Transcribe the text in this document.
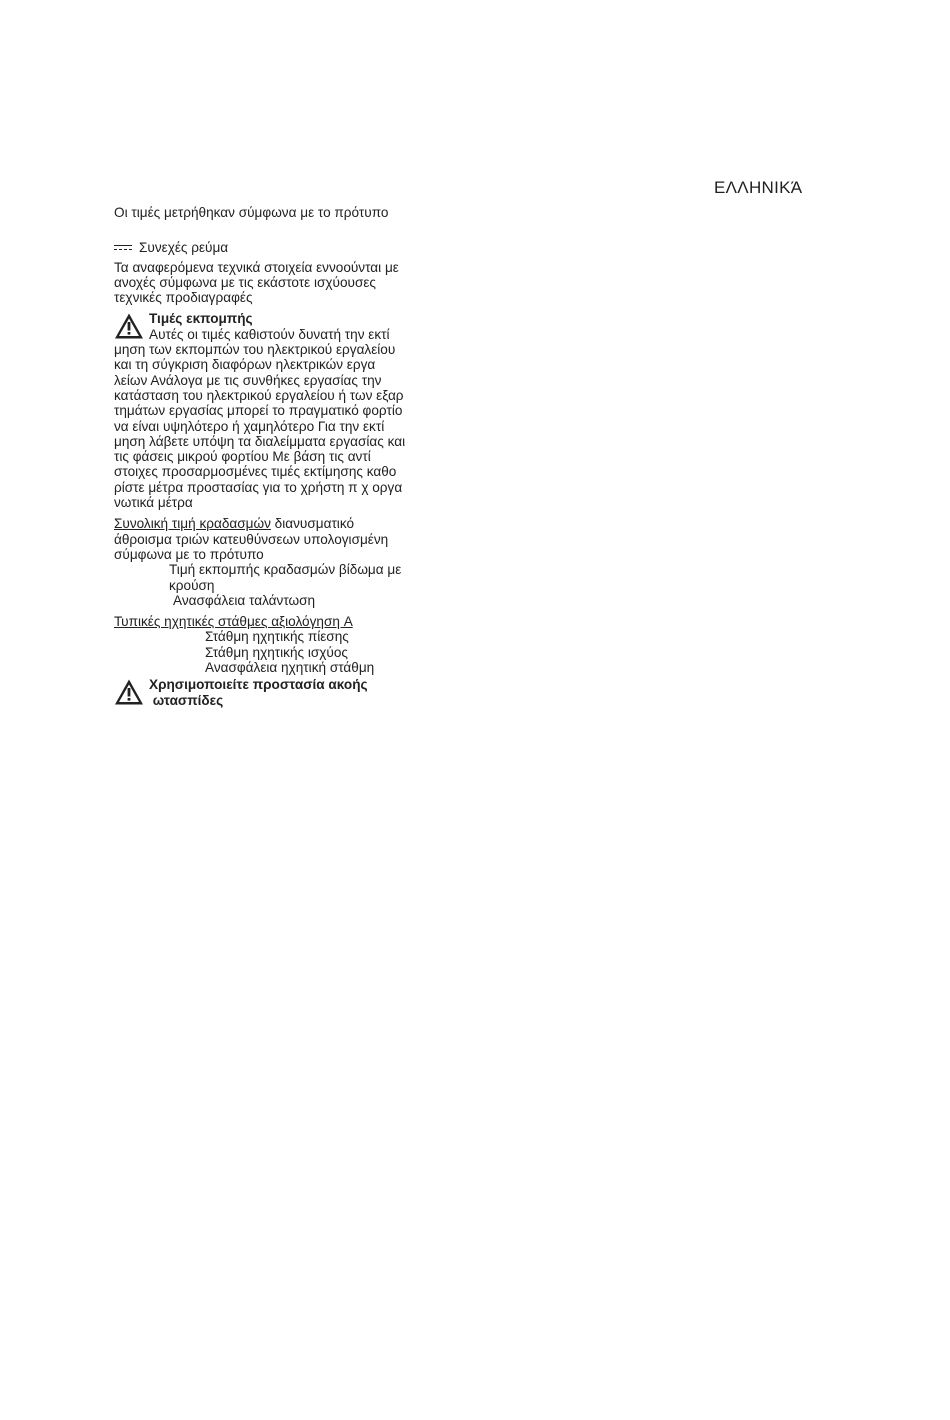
ΕΛΛΗΝΙΚΆ

Οι τιμές μετρήθηκαν σύμφωνα με το πρότυπο

Συνεχές ρεύμα
Τα αναφερόμενα τεχνικά στοιχεία εννοούνται με
ανοχές σύμφωνα με τις εκάστοτε ισχύουσες
τεχνικές προδιαγραφές
Τιμές εκπομπής
Αυτές οι τιμές καθιστούν δυνατή την εκτί
μηση των εκπομπών του ηλεκτρικού εργαλείου
και τη σύγκριση διαφόρων ηλεκτρικών εργα
λείων Ανάλογα με τις συνθήκες εργασίας την
κατάσταση του ηλεκτρικού εργαλείου ή των εξαρ
τημάτων εργασίας μπορεί το πραγματικό φορτίο
να είναι υψηλότερο ή χαμηλότερο Για την εκτί
μηση λάβετε υπόψη τα διαλείμματα εργασίας και
τις φάσεις μικρού φορτίου Με βάση τις αντί
στοιχες προσαρμοσμένες τιμές εκτίμησης καθο
ρίστε μέτρα προστασίας για το χρήστη π χ οργα
νωτικά μέτρα
Συνολική τιμή κραδασμών διανυσματικό
άθροισμα τριών κατευθύνσεων υπολογισμένη
σύμφωνα με το πρότυπο
Τιμή εκπομπής κραδασμών βίδωμα με
κρούση
Ανασφάλεια ταλάντωση
Τυπικές ηχητικές στάθμες αξιολόγηση A
Στάθμη ηχητικής πίεσης
Στάθμη ηχητικής ισχύος
Ανασφάλεια ηχητική στάθμη
Χρησιμοποιείτε προστασία ακοής
ωτασπίδες
